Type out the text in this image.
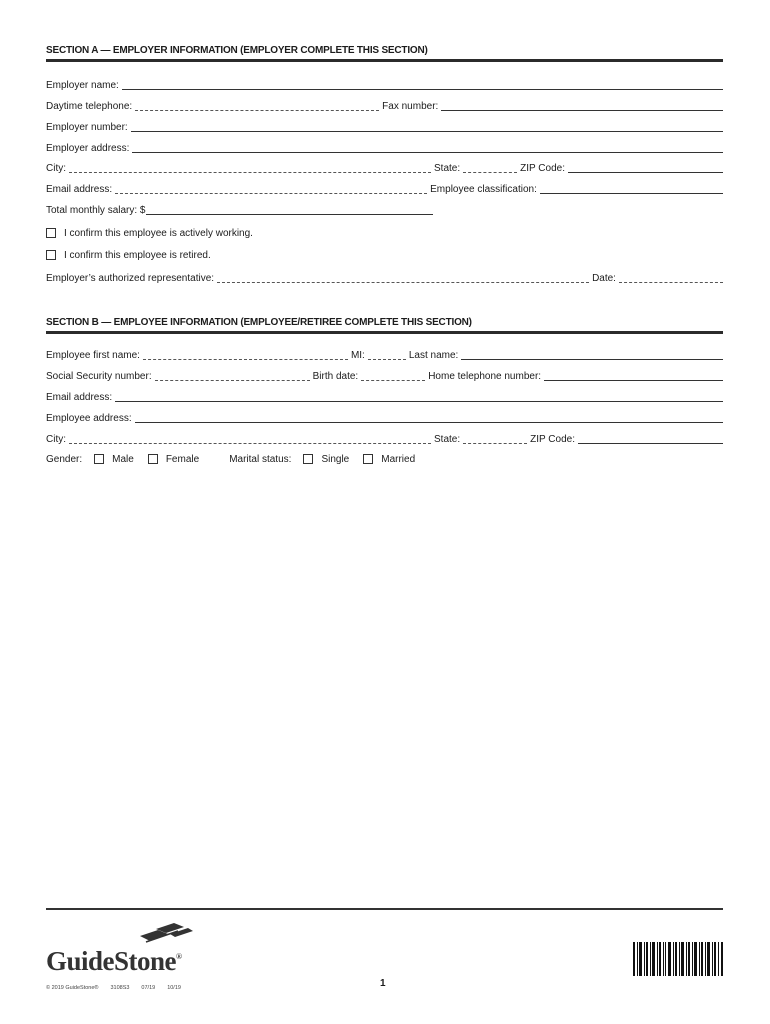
SECTION A — EMPLOYER INFORMATION (EMPLOYER COMPLETE THIS SECTION)
Employer name:
Daytime telephone:	Fax number:
Employer number:
Employer address:
City:	State:	ZIP Code:
Email address:	Employee classification:
Total monthly salary: $
I confirm this employee is actively working.
I confirm this employee is retired.
Employer’s authorized representative:	Date:
SECTION B — EMPLOYEE INFORMATION (EMPLOYEE/RETIREE COMPLETE THIS SECTION)
Employee first name:	MI:	Last name:
Social Security number:	Birth date:	Home telephone number:
Email address:
Employee address:
City:	State:	ZIP Code:
Gender:	Male	Female	Marital status:	Single	Married
GuideStone®
© 2019 GuideStone® 3108S3 07/19 10/19	1
